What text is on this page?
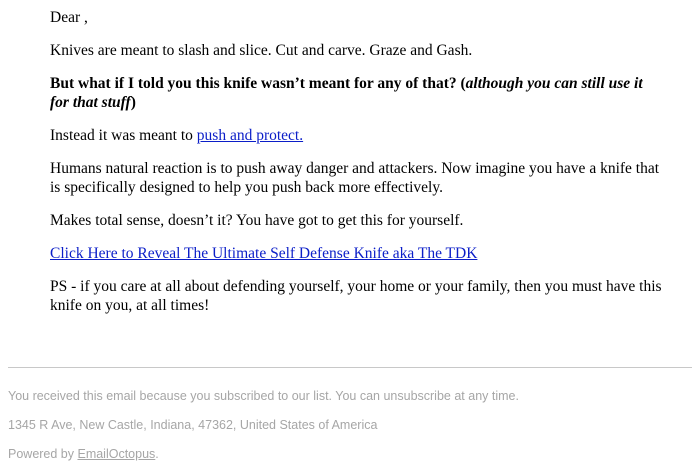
Dear ,

Knives are meant to slash and slice. Cut and carve. Graze and Gash.

But what if I told you this knife wasn’t meant for any of that? (although you can still use it for that stuff)

Instead it was meant to push and protect.

Humans natural reaction is to push away danger and attackers. Now imagine you have a knife that is specifically designed to help you push back more effectively.

Makes total sense, doesn’t it? You have got to get this for yourself.

Click Here to Reveal The Ultimate Self Defense Knife aka The TDK

PS - if you care at all about defending yourself, your home or your family, then you must have this knife on you, at all times!

You received this email because you subscribed to our list. You can unsubscribe at any time.

1345 R Ave, New Castle, Indiana, 47362, United States of America

Powered by EmailOctopus.
